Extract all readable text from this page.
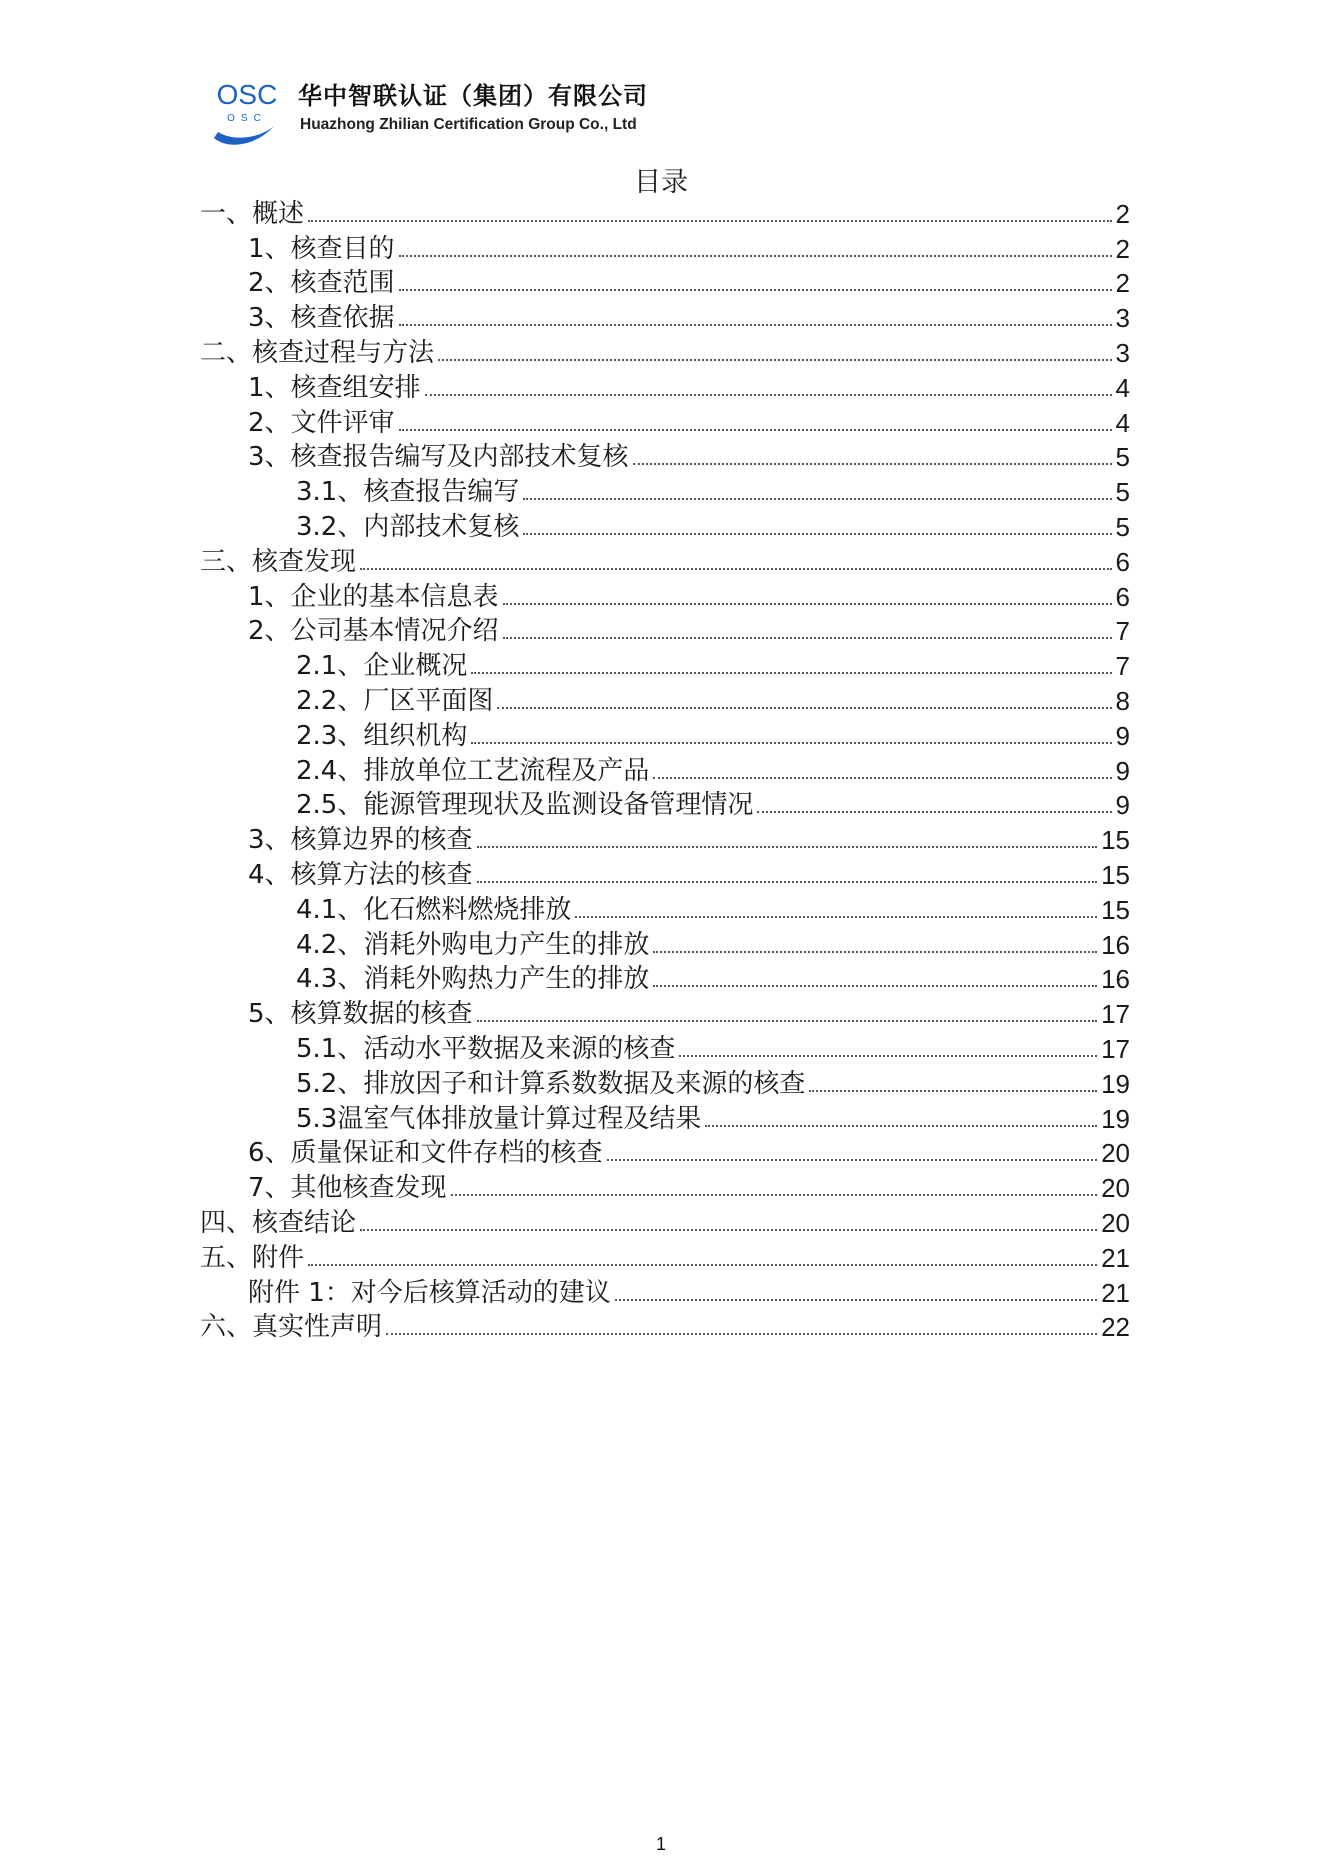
OSC
OSC
华中智联认证（集团）有限公司
Huazhong Zhilian Certification Group Co., Ltd
目录
一、概述	2
1、核查目的	2
2、核查范围	2
3、核查依据	3
二、核查过程与方法	3
1、核查组安排	4
2、文件评审	4
3、核查报告编写及内部技术复核	5
3.1、核查报告编写	5
3.2、内部技术复核	5
三、核查发现	6
1、企业的基本信息表	6
2、公司基本情况介绍	7
2.1、企业概况	7
2.2、厂区平面图	8
2.3、组织机构	9
2.4、排放单位工艺流程及产品	9
2.5、能源管理现状及监测设备管理情况	9
3、核算边界的核查	15
4、核算方法的核查	15
4.1、化石燃料燃烧排放	15
4.2、消耗外购电力产生的排放	16
4.3、消耗外购热力产生的排放	16
5、核算数据的核查	17
5.1、活动水平数据及来源的核查	17
5.2、排放因子和计算系数数据及来源的核查	19
5.3温室气体排放量计算过程及结果	19
6、质量保证和文件存档的核查	20
7、其他核查发现	20
四、核查结论	20
五、附件	21
附件 1：对今后核算活动的建议	21
六、真实性声明	22
1
